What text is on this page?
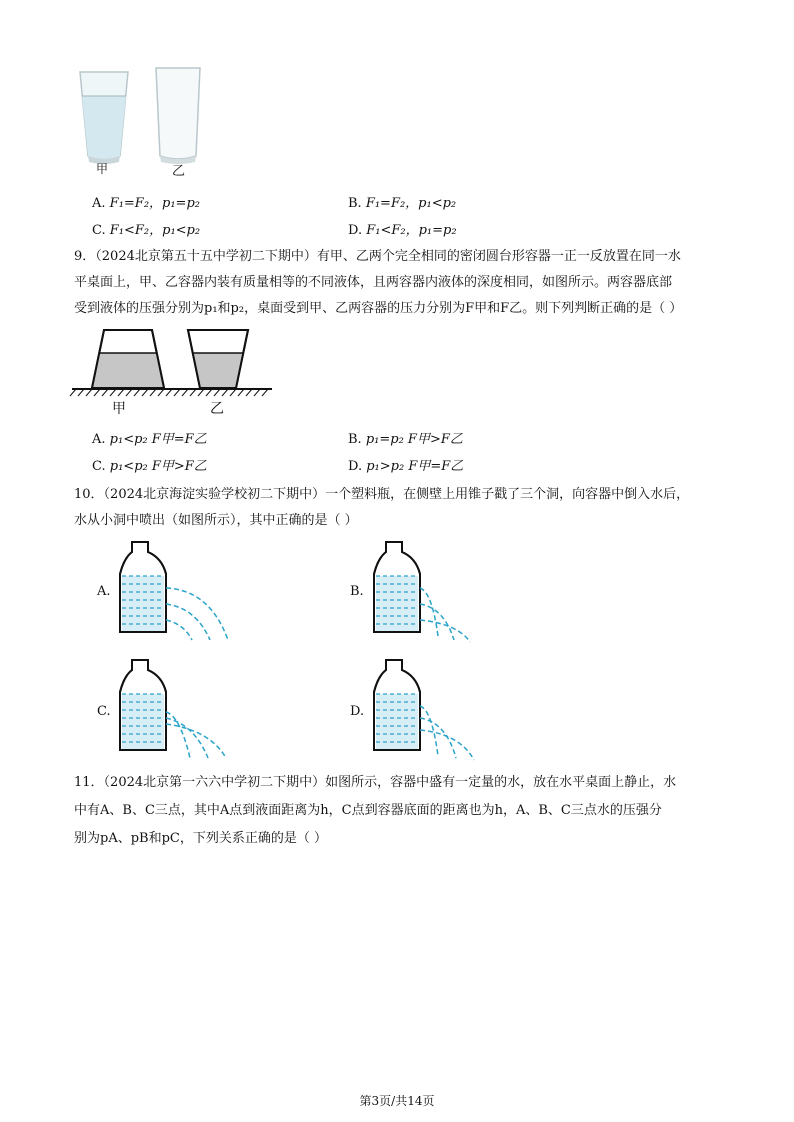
甲	乙
A. F₁=F₂，p₁=p₂	B. F₁=F₂，p₁<p₂
C. F₁<F₂，p₁<p₂	D. F₁<F₂，p₁=p₂
9．（2024北京第五十五中学初二下期中）有甲、乙两个完全相同的密闭圆台形容器一正一反放置在同一水
平桌面上，甲、乙容器内装有质量相等的不同液体，且两容器内液体的深度相同，如图所示。两容器底部
受到液体的压强分别为p₁和p₂，桌面受到甲、乙两容器的压力分别为F甲和F乙。则下列判断正确的是（ ）
甲	乙
A. p₁<p₂ F甲=F乙	B. p₁=p₂ F甲>F乙
C. p₁<p₂ F甲>F乙	D. p₁>p₂ F甲=F乙
10．（2024北京海淀实验学校初二下期中）一个塑料瓶，在侧壁上用锥子戳了三个洞，向容器中倒入水后，
水从小洞中喷出（如图所示），其中正确的是（ ）
A.	B.
C.	D.
11．（2024北京第一六六中学初二下期中）如图所示，容器中盛有一定量的水，放在水平桌面上静止，水
中有A、B、C三点，其中A点到液面距离为h，C点到容器底面的距离也为h，A、B、C三点水的压强分
别为pA、pB和pC，下列关系正确的是（ ）
第3页/共14页
